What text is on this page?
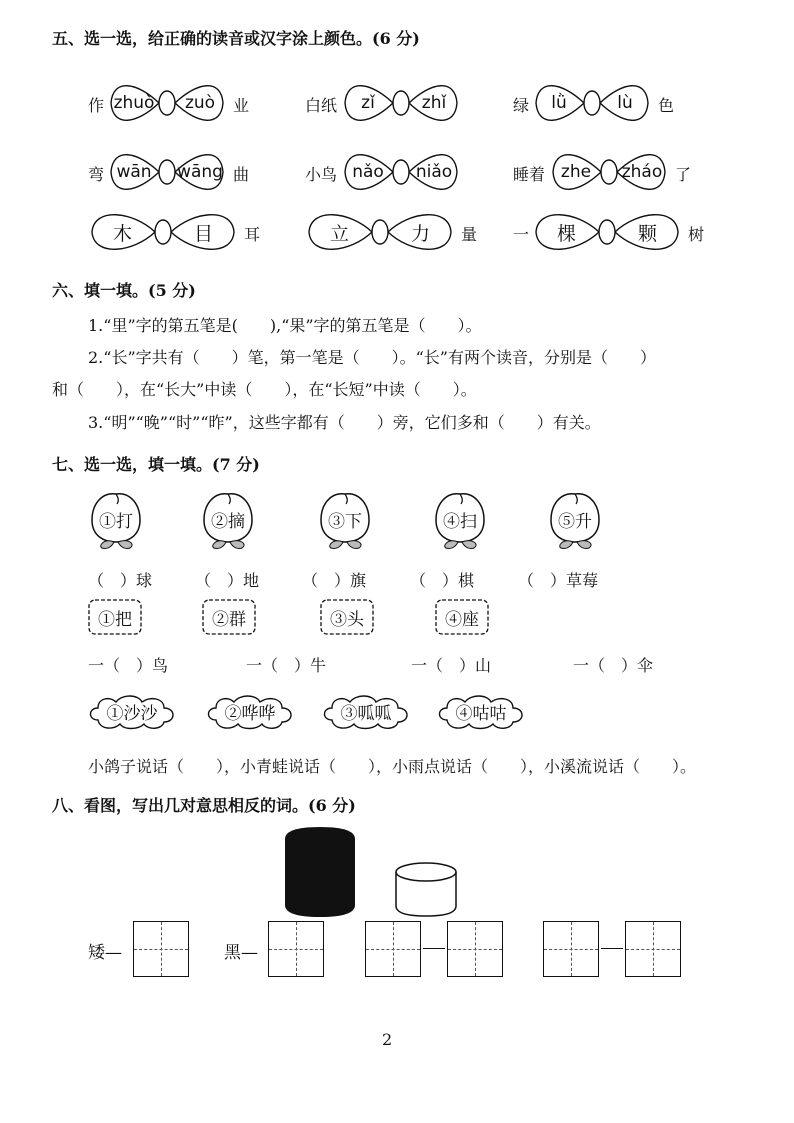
五、选一选，给正确的读音或汉字涂上颜色。(6 分)
作 zhuò	zuò	业	白纸	zǐ	zhǐ	绿	lǜ	lù	色
弯 wān	wāng 曲	小鸟 nǎo	niǎo	睡着 zhe	zháo 了
木	目	耳	立	力	量 一	棵	颗	树
六、填一填。(5 分)
1.“里”字的第五笔是(　　),“果”字的第五笔是（　　）。
2.“长”字共有（　　）笔，第一笔是（　　）。“长”有两个读音，分别是（　　）
和（　　），在“长大”中读（　　），在“长短”中读（　　）。
3.“明”“晚”“时”“昨”，这些字都有（　　）旁，它们多和（　　）有关。
七、选一选，填一填。(7 分)
①打	②摘	③下	④扫	⑤升
（　）球	（　）地	（　）旗	（　）棋	（　）草莓
①把	②群	③头	④座
一（　）鸟	一（　）牛	一（　）山	一（　）伞
①沙沙	②哗哗	③呱呱	④咕咕
小鸽子说话（　　），小青蛙说话（　　），小雨点说话（　　），小溪流说话（　　）。
八、看图，写出几对意思相反的词。(6 分)
矮—	黑—
2
